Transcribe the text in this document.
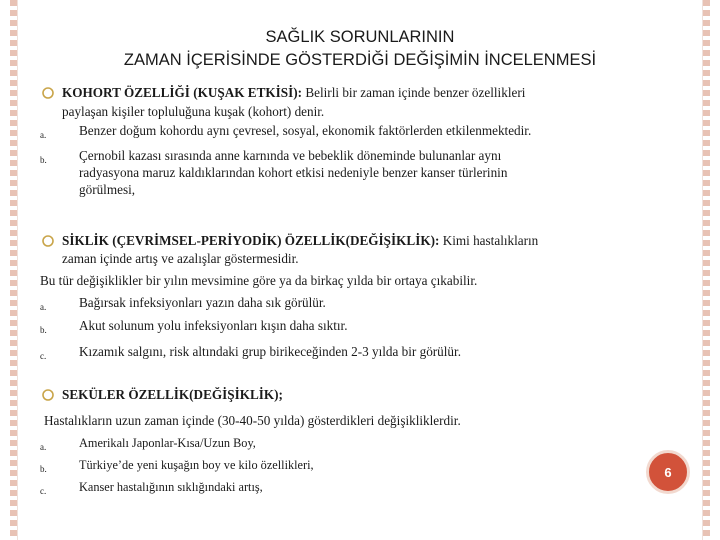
SAĞLIK SORUNLARININ
ZAMAN İÇERİSİNDE GÖSTERDİĞİ DEĞİŞİMİN İNCELENMESİ
KOHORT ÖZELLİĞİ (KUŞAK ETKİSİ): Belirli bir zaman içinde benzer özellikleri
paylaşan kişiler topluluğuna kuşak (kohort) denir.
a. Benzer doğum kohordu aynı çevresel, sosyal, ekonomik faktörlerden etkilenmektedir.
b. Çernobil kazası sırasında anne karnında ve bebeklik döneminde bulunanlar aynı
radyasyona maruz kaldıklarından kohort etkisi nedeniyle benzer kanser türlerinin
görülmesi,
SİKLİK (ÇEVRİMSEL-PERİYODİK) ÖZELLİK(DEĞİŞİKLİK): Kimi hastalıkların
zaman içinde artış ve azalışlar göstermesidir.
Bu tür değişiklikler bir yılın mevsimine göre ya da birkaç yılda bir ortaya çıkabilir.
a. Bağırsak infeksiyonları yazın daha sık görülür.
b. Akut solunum yolu infeksiyonları kışın daha sıktır.
c. Kızamık salgını, risk altındaki grup birikeceğinden 2-3 yılda bir görülür.
SEKÜLER ÖZELLİK(DEĞİŞİKLİK);
Hastalıkların uzun zaman içinde (30-40-50 yılda) gösterdikleri değişikliklerdir.
a.	Amerikalı Japonlar-Kısa/Uzun Boy,
b.	Türkiye’de yeni kuşağın boy ve kilo özellikleri,
c.	Kanser hastalığının sıklığındaki artış,
6
